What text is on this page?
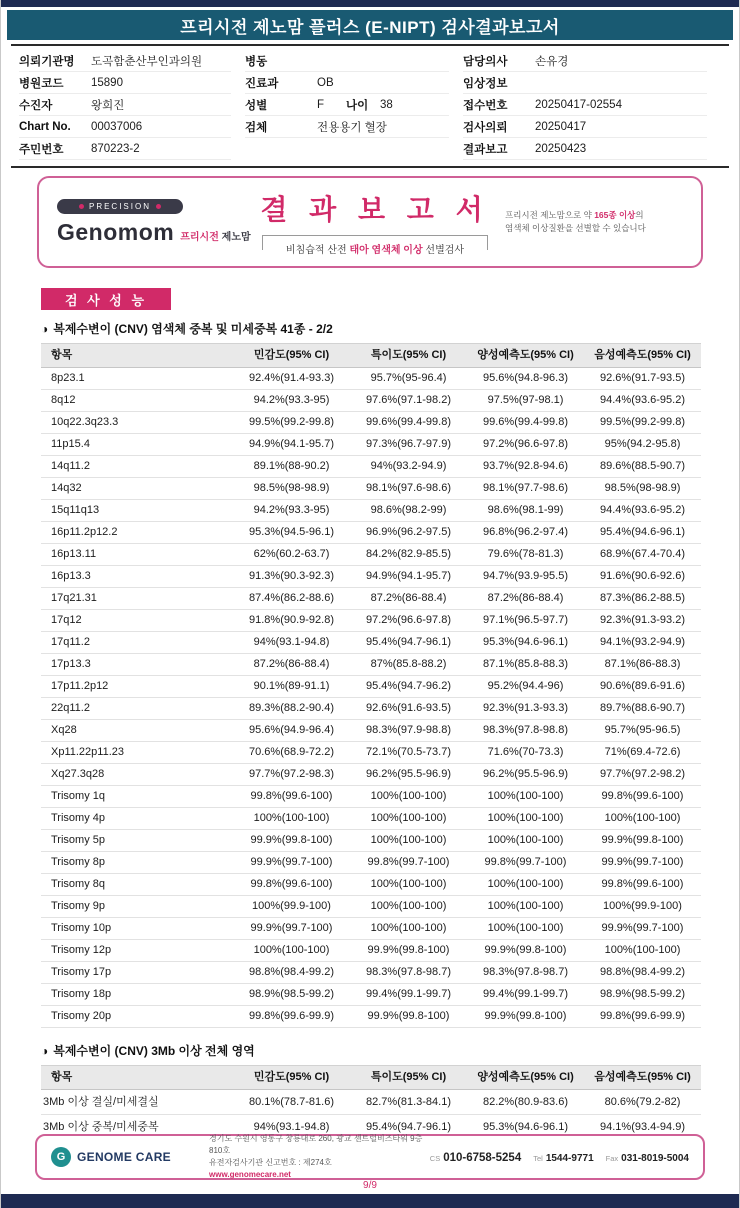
프리시전 제노맘 플러스 (E-NIPT) 검사결과보고서
의뢰기관명	도곡함춘산부인과의원
병원코드	15890
수진자	왕희진
Chart No.	00037006
주민번호	870223-2
병동
진료과	OB
성별	F 나이	38
검체	전용용기 혈장
담당의사	손유경
임상정보
접수번호	20250417-02554
검사의뢰	20250417
결과보고	20250423
PRECISION
Genomom 프리시전 제노맘
결 과 보 고 서
비침습적 산전 태아 염색체 이상 선별검사
프리시전 제노맘으로 약 165종 이상의
염색체 이상질환을 선별할 수 있습니다
검 사 성 능
◑ 복제수변이 (CNV) 염색체 중복 및 미세중복 41종 - 2/2
항목	민감도(95% CI)	특이도(95% CI)	양성예측도(95% CI)	음성예측도(95% CI)
8p23.1	92.4%(91.4-93.3)	95.7%(95-96.4)	95.6%(94.8-96.3)	92.6%(91.7-93.5)
8q12	94.2%(93.3-95)	97.6%(97.1-98.2)	97.5%(97-98.1)	94.4%(93.6-95.2)
10q22.3q23.3	99.5%(99.2-99.8)	99.6%(99.4-99.8)	99.6%(99.4-99.8)	99.5%(99.2-99.8)
11p15.4	94.9%(94.1-95.7)	97.3%(96.7-97.9)	97.2%(96.6-97.8)	95%(94.2-95.8)
14q11.2	89.1%(88-90.2)	94%(93.2-94.9)	93.7%(92.8-94.6)	89.6%(88.5-90.7)
14q32	98.5%(98-98.9)	98.1%(97.6-98.6)	98.1%(97.7-98.6)	98.5%(98-98.9)
15q11q13	94.2%(93.3-95)	98.6%(98.2-99)	98.6%(98.1-99)	94.4%(93.6-95.2)
16p11.2p12.2	95.3%(94.5-96.1)	96.9%(96.2-97.5)	96.8%(96.2-97.4)	95.4%(94.6-96.1)
16p13.11	62%(60.2-63.7)	84.2%(82.9-85.5)	79.6%(78-81.3)	68.9%(67.4-70.4)
16p13.3	91.3%(90.3-92.3)	94.9%(94.1-95.7)	94.7%(93.9-95.5)	91.6%(90.6-92.6)
17q21.31	87.4%(86.2-88.6)	87.2%(86-88.4)	87.2%(86-88.4)	87.3%(86.2-88.5)
17q12	91.8%(90.9-92.8)	97.2%(96.6-97.8)	97.1%(96.5-97.7)	92.3%(91.3-93.2)
17q11.2	94%(93.1-94.8)	95.4%(94.7-96.1)	95.3%(94.6-96.1)	94.1%(93.2-94.9)
17p13.3	87.2%(86-88.4)	87%(85.8-88.2)	87.1%(85.8-88.3)	87.1%(86-88.3)
17p11.2p12	90.1%(89-91.1)	95.4%(94.7-96.2)	95.2%(94.4-96)	90.6%(89.6-91.6)
22q11.2	89.3%(88.2-90.4)	92.6%(91.6-93.5)	92.3%(91.3-93.3)	89.7%(88.6-90.7)
Xq28	95.6%(94.9-96.4)	98.3%(97.9-98.8)	98.3%(97.8-98.8)	95.7%(95-96.5)
Xp11.22p11.23	70.6%(68.9-72.2)	72.1%(70.5-73.7)	71.6%(70-73.3)	71%(69.4-72.6)
Xq27.3q28	97.7%(97.2-98.3)	96.2%(95.5-96.9)	96.2%(95.5-96.9)	97.7%(97.2-98.2)
Trisomy 1q	99.8%(99.6-100)	100%(100-100)	100%(100-100)	99.8%(99.6-100)
Trisomy 4p	100%(100-100)	100%(100-100)	100%(100-100)	100%(100-100)
Trisomy 5p	99.9%(99.8-100)	100%(100-100)	100%(100-100)	99.9%(99.8-100)
Trisomy 8p	99.9%(99.7-100)	99.8%(99.7-100)	99.8%(99.7-100)	99.9%(99.7-100)
Trisomy 8q	99.8%(99.6-100)	100%(100-100)	100%(100-100)	99.8%(99.6-100)
Trisomy 9p	100%(99.9-100)	100%(100-100)	100%(100-100)	100%(99.9-100)
Trisomy 10p	99.9%(99.7-100)	100%(100-100)	100%(100-100)	99.9%(99.7-100)
Trisomy 12p	100%(100-100)	99.9%(99.8-100)	99.9%(99.8-100)	100%(100-100)
Trisomy 17p	98.8%(98.4-99.2)	98.3%(97.8-98.7)	98.3%(97.8-98.7)	98.8%(98.4-99.2)
Trisomy 18p	98.9%(98.5-99.2)	99.4%(99.1-99.7)	99.4%(99.1-99.7)	98.9%(98.5-99.2)
Trisomy 20p	99.8%(99.6-99.9)	99.9%(99.8-100)	99.9%(99.8-100)	99.8%(99.6-99.9)
◑ 복제수변이 (CNV) 3Mb 이상 전체 영역
항목	민감도(95% CI)	특이도(95% CI)	양성예측도(95% CI)	음성예측도(95% CI)
3Mb 이상 결실/미세결실	80.1%(78.7-81.6)	82.7%(81.3-84.1)	82.2%(80.9-83.6)	80.6%(79.2-82)
3Mb 이상 중복/미세중복	94%(93.1-94.8)	95.4%(94.7-96.1)	95.3%(94.6-96.1)	94.1%(93.4-94.9)
G GENOME CARE
경기도 수원시 영통구 창룡대로 260, 광교 센트럴비즈타워 9층 810호
유전자검사기관 신고번호 : 제274호
www.genomecare.net
CS 010-6758-5254 Tel 1544-9771 Fax 031-8019-5004
9/9
